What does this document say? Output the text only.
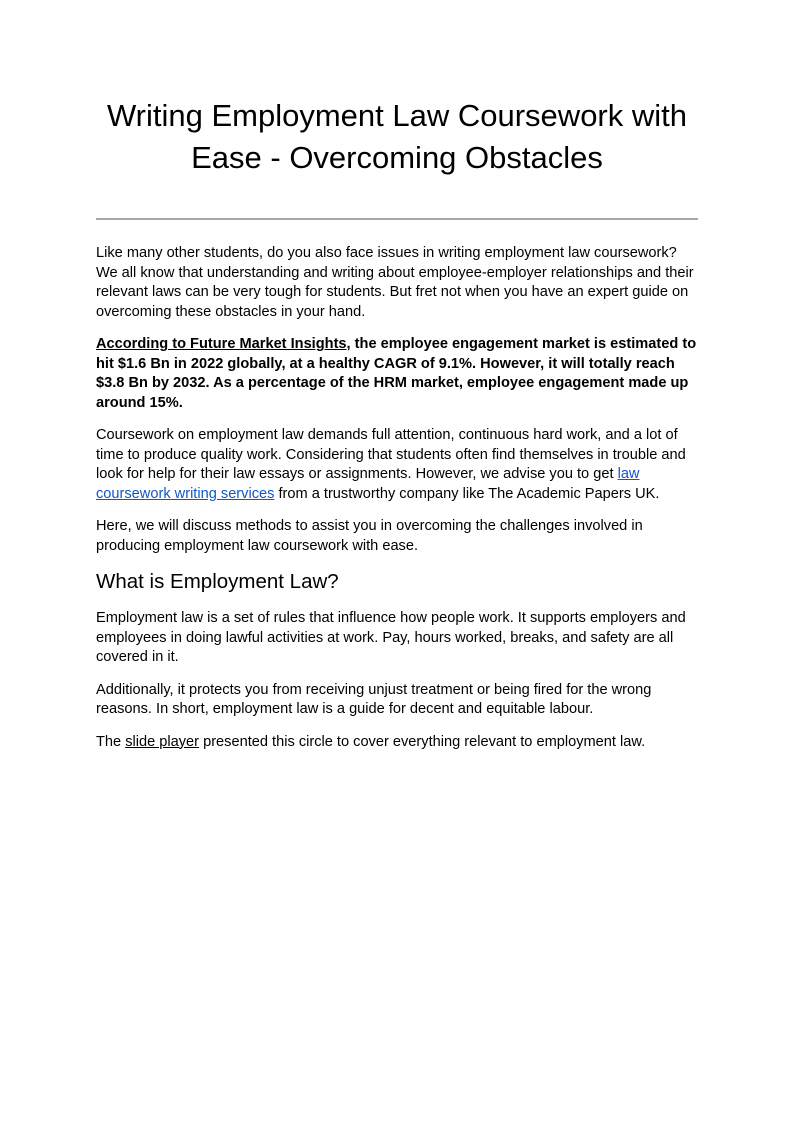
Writing Employment Law Coursework with Ease - Overcoming Obstacles

Like many other students, do you also face issues in writing employment law coursework? We all know that understanding and writing about employee-employer relationships and their relevant laws can be very tough for students. But fret not when you have an expert guide on overcoming these obstacles in your hand.

According to Future Market Insights, the employee engagement market is estimated to hit $1.6 Bn in 2022 globally, at a healthy CAGR of 9.1%. However, it will totally reach $3.8 Bn by 2032. As a percentage of the HRM market, employee engagement made up around 15%.

Coursework on employment law demands full attention, continuous hard work, and a lot of time to produce quality work. Considering that students often find themselves in trouble and look for help for their law essays or assignments. However, we advise you to get law coursework writing services from a trustworthy company like The Academic Papers UK.

Here, we will discuss methods to assist you in overcoming the challenges involved in producing employment law coursework with ease.

What is Employment Law?

Employment law is a set of rules that influence how people work. It supports employers and employees in doing lawful activities at work. Pay, hours worked, breaks, and safety are all covered in it.

Additionally, it protects you from receiving unjust treatment or being fired for the wrong reasons. In short, employment law is a guide for decent and equitable labour.

The slide player presented this circle to cover everything relevant to employment law.
